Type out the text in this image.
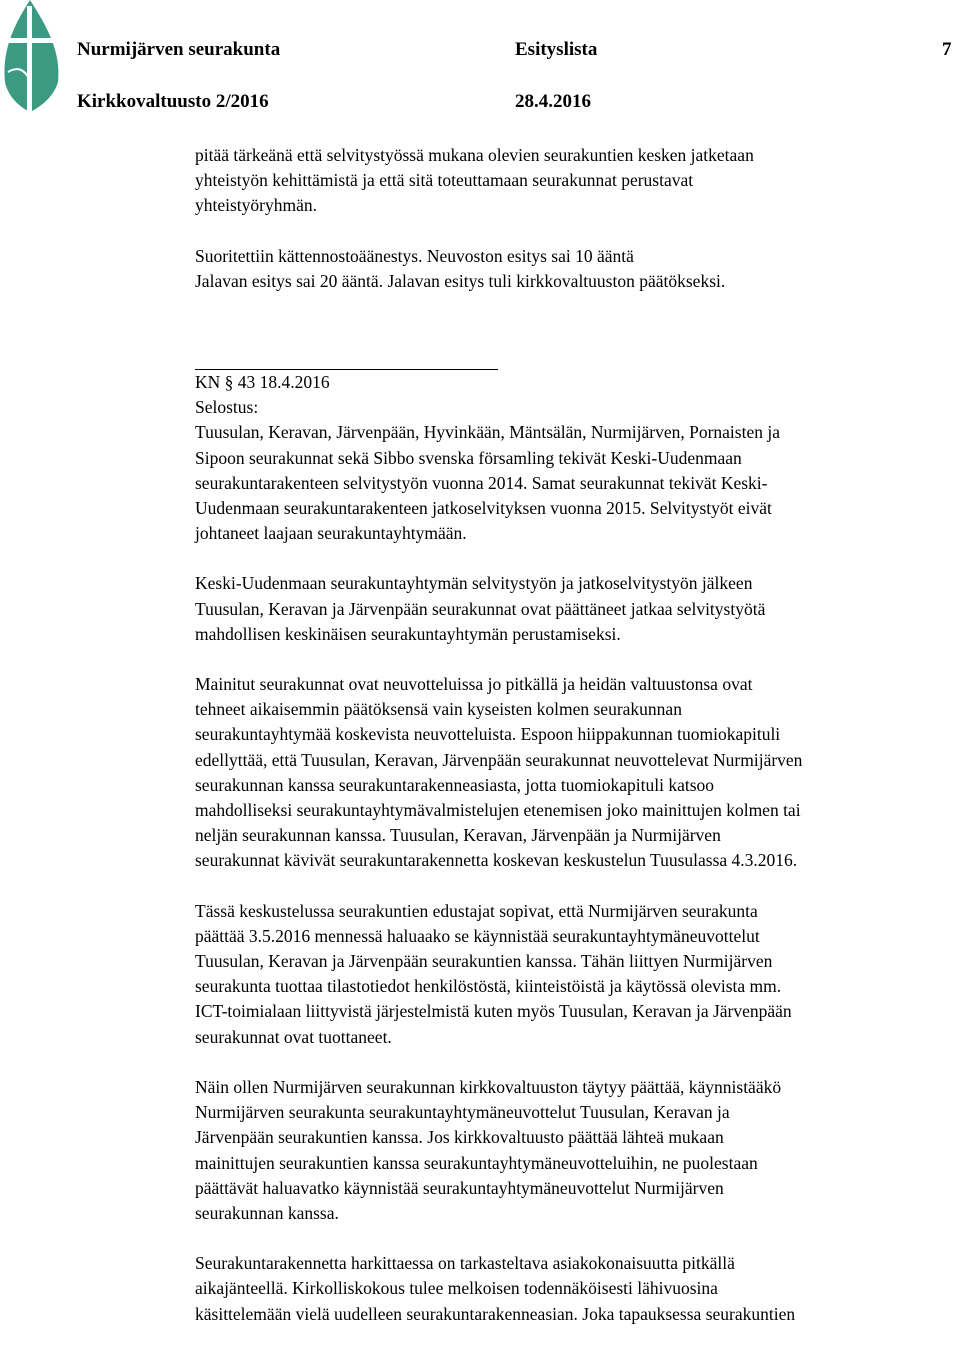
Nurmijärven seurakunta	Esityslista	7
Kirkkovaltuusto 2/2016	28.4.2016

pitää tärkeänä että selvitystyössä mukana olevien seurakuntien kesken jatketaan
yhteistyön kehittämistä ja että sitä toteuttamaan seurakunnat perustavat
yhteistyöryhmän.

Suoritettiin kättennostoäänestys. Neuvoston esitys sai 10 ääntä
Jalavan esitys sai 20 ääntä. Jalavan esitys tuli kirkkovaltuuston päätökseksi.

KN § 43 18.4.2016
Selostus:

Tuusulan, Keravan, Järvenpään, Hyvinkään, Mäntsälän, Nurmijärven, Pornaisten ja
Sipoon seurakunnat sekä Sibbo svenska församling tekivät Keski-Uudenmaan
seurakuntarakenteen selvitystyön vuonna 2014. Samat seurakunnat tekivät Keski-
Uudenmaan seurakuntarakenteen jatkoselvityksen vuonna 2015. Selvitystyöt eivät
johtaneet laajaan seurakuntayhtymään.

Keski-Uudenmaan seurakuntayhtymän selvitystyön ja jatkoselvitystyön jälkeen
Tuusulan, Keravan ja Järvenpään seurakunnat ovat päättäneet jatkaa selvitystyötä
mahdollisen keskinäisen seurakuntayhtymän perustamiseksi.

Mainitut seurakunnat ovat neuvotteluissa jo pitkällä ja heidän valtuustonsa ovat
tehneet aikaisemmin päätöksensä vain kyseisten kolmen seurakunnan
seurakuntayhtymää koskevista neuvotteluista. Espoon hiippakunnan tuomiokapituli
edellyttää, että Tuusulan, Keravan, Järvenpään seurakunnat neuvottelevat Nurmijärven
seurakunnan kanssa seurakuntarakenneasiasta, jotta tuomiokapituli katsoo
mahdolliseksi seurakuntayhtymävalmistelujen etenemisen joko mainittujen kolmen tai
neljän seurakunnan kanssa. Tuusulan, Keravan, Järvenpään ja Nurmijärven
seurakunnat kävivät seurakuntarakennetta koskevan keskustelun Tuusulassa 4.3.2016.

Tässä keskustelussa seurakuntien edustajat sopivat, että Nurmijärven seurakunta
päättää 3.5.2016 mennessä haluaako se käynnistää seurakuntayhtymäneuvottelut
Tuusulan, Keravan ja Järvenpään seurakuntien kanssa. Tähän liittyen Nurmijärven
seurakunta tuottaa tilastotiedot henkilöstöstä, kiinteistöistä ja käytössä olevista mm.
ICT-toimialaan liittyvistä järjestelmistä kuten myös Tuusulan, Keravan ja Järvenpään
seurakunnat ovat tuottaneet.

Näin ollen Nurmijärven seurakunnan kirkkovaltuuston täytyy päättää, käynnistääkö
Nurmijärven seurakunta seurakuntayhtymäneuvottelut Tuusulan, Keravan ja
Järvenpään seurakuntien kanssa. Jos kirkkovaltuusto päättää lähteä mukaan
mainittujen seurakuntien kanssa seurakuntayhtymäneuvotteluihin, ne puolestaan
päättävät haluavatko käynnistää seurakuntayhtymäneuvottelut Nurmijärven
seurakunnan kanssa.

Seurakuntarakennetta harkittaessa on tarkasteltava asiakokonaisuutta pitkällä
aikajänteellä. Kirkolliskokous tulee melkoisen todennäköisesti lähivuosina
käsittelemään vielä uudelleen seurakuntarakenneasian. Joka tapauksessa seurakuntien
